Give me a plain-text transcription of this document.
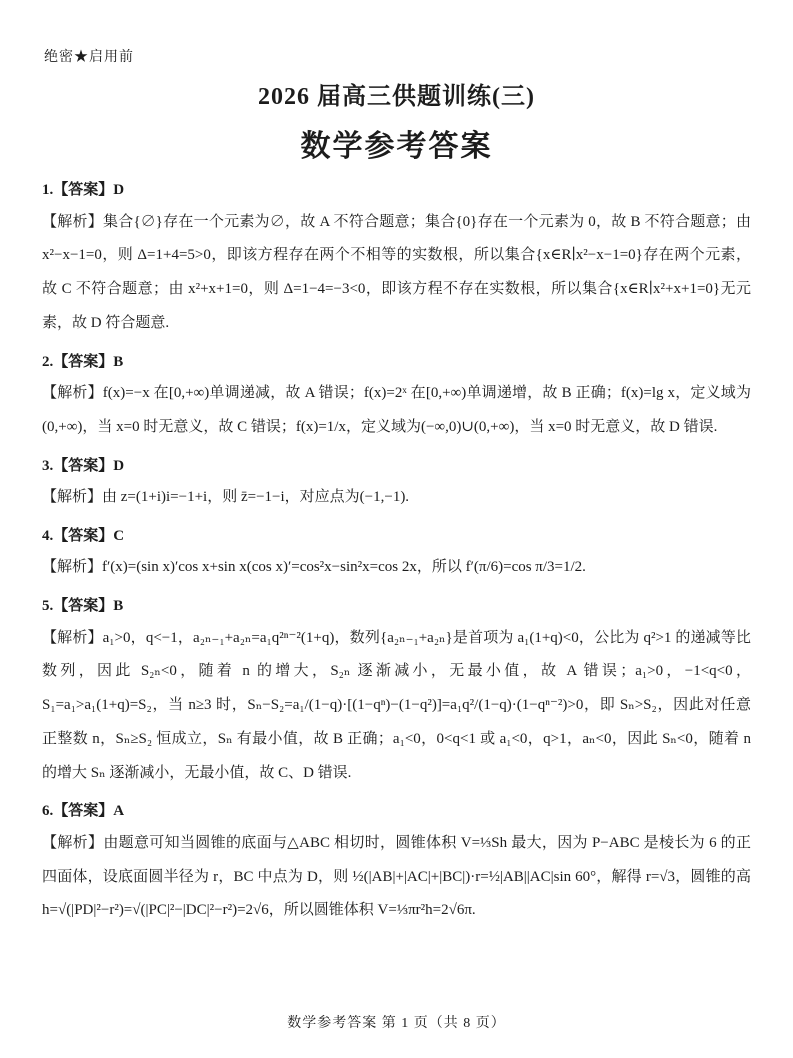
绝密★启用前

2026 届高三供题训练(三)
数学参考答案

1.【答案】D

【解析】集合{∅}存在一个元素为∅，故 A 不符合题意；集合{0}存在一个元素为 0，故 B 不符合题意；由 x²−x−1=0，则 Δ=1+4=5>0，即该方程存在两个不相等的实数根，所以集合{x∈R∣x²−x−1=0}存在两个元素，故 C 不符合题意；由 x²+x+1=0，则 Δ=1−4=−3<0，即该方程不存在实数根，所以集合{x∈R∣x²+x+1=0}无元素，故 D 符合题意.

2.【答案】B

【解析】f(x)=−x 在[0,+∞)单调递减，故 A 错误；f(x)=2ˣ 在[0,+∞)单调递增，故 B 正确；f(x)=lg x，定义域为(0,+∞)，当 x=0 时无意义，故 C 错误；f(x)=1/x，定义域为(−∞,0)∪(0,+∞)，当 x=0 时无意义，故 D 错误.

3.【答案】D

【解析】由 z=(1+i)i=−1+i，则 z̄=−1−i，对应点为(−1,−1).

4.【答案】C

【解析】f′(x)=(sin x)′cos x+sin x(cos x)′=cos²x−sin²x=cos 2x，所以 f′(π/6)=cos π/3=1/2.

5.【答案】B

【解析】a₁>0，q<−1，a₂ₙ₋₁+a₂ₙ=a₁q²ⁿ⁻²(1+q)，数列{a₂ₙ₋₁+a₂ₙ}是首项为 a₁(1+q)<0，公比为 q²>1 的递减等比数列，因此 S₂ₙ<0，随着 n 的增大，S₂ₙ 逐渐减小，无最小值，故 A 错误；a₁>0，−1<q<0，S₁=a₁>a₁(1+q)=S₂，当 n≥3 时，Sₙ−S₂=a₁/(1−q)·[(1−qⁿ)−(1−q²)]=a₁q²/(1−q)·(1−qⁿ⁻²)>0，即 Sₙ>S₂，因此对任意正整数 n，Sₙ≥S₂ 恒成立，Sₙ 有最小值，故 B 正确；a₁<0，0<q<1 或 a₁<0，q>1，aₙ<0，因此 Sₙ<0，随着 n 的增大 Sₙ 逐渐减小，无最小值，故 C、D 错误.

6.【答案】A

【解析】由题意可知当圆锥的底面与△ABC 相切时，圆锥体积 V=⅓Sh 最大，因为 P−ABC 是棱长为 6 的正四面体，设底面圆半径为 r，BC 中点为 D，则 ½(|AB|+|AC|+|BC|)·r=½|AB||AC|sin 60°，解得 r=√3，圆锥的高 h=√(|PD|²−r²)=√(|PC|²−|DC|²−r²)=2√6，所以圆锥体积 V=⅓πr²h=2√6π.

数学参考答案 第 1 页（共 8 页）
